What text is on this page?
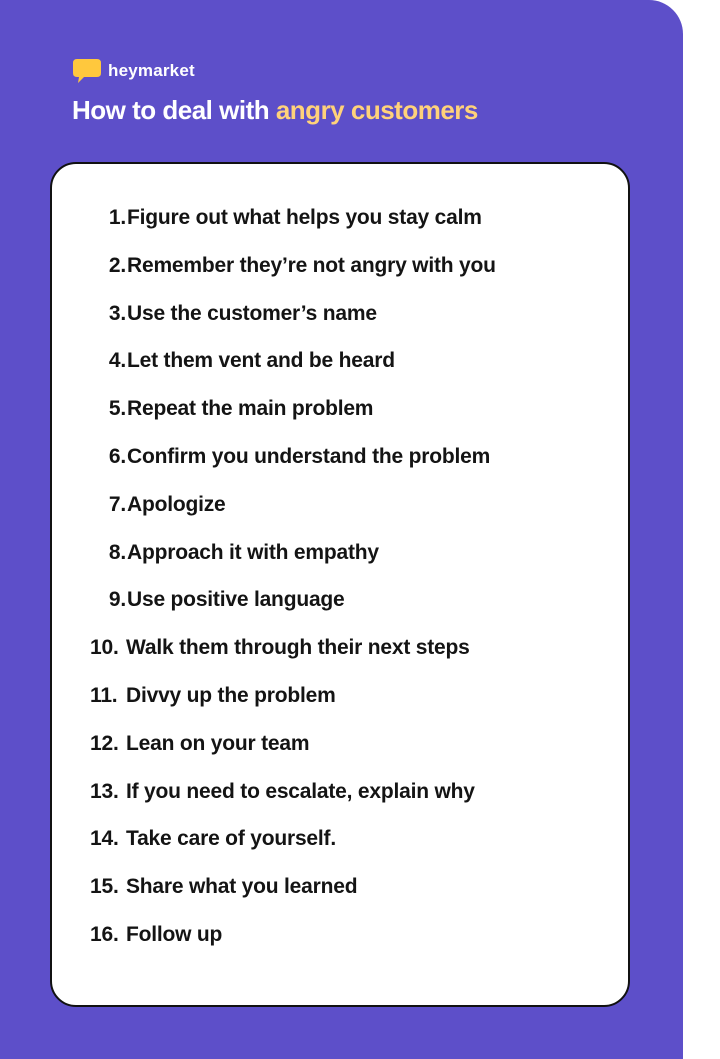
heymarket
How to deal with angry customers
1. Figure out what helps you stay calm
2. Remember they’re not angry with you
3. Use the customer’s name
4. Let them vent and be heard
5. Repeat the main problem
6. Confirm you understand the problem
7. Apologize
8. Approach it with empathy
9. Use positive language
10. Walk them through their next steps
11. Divvy up the problem
12. Lean on your team
13. If you need to escalate, explain why
14. Take care of yourself.
15. Share what you learned
16. Follow up
